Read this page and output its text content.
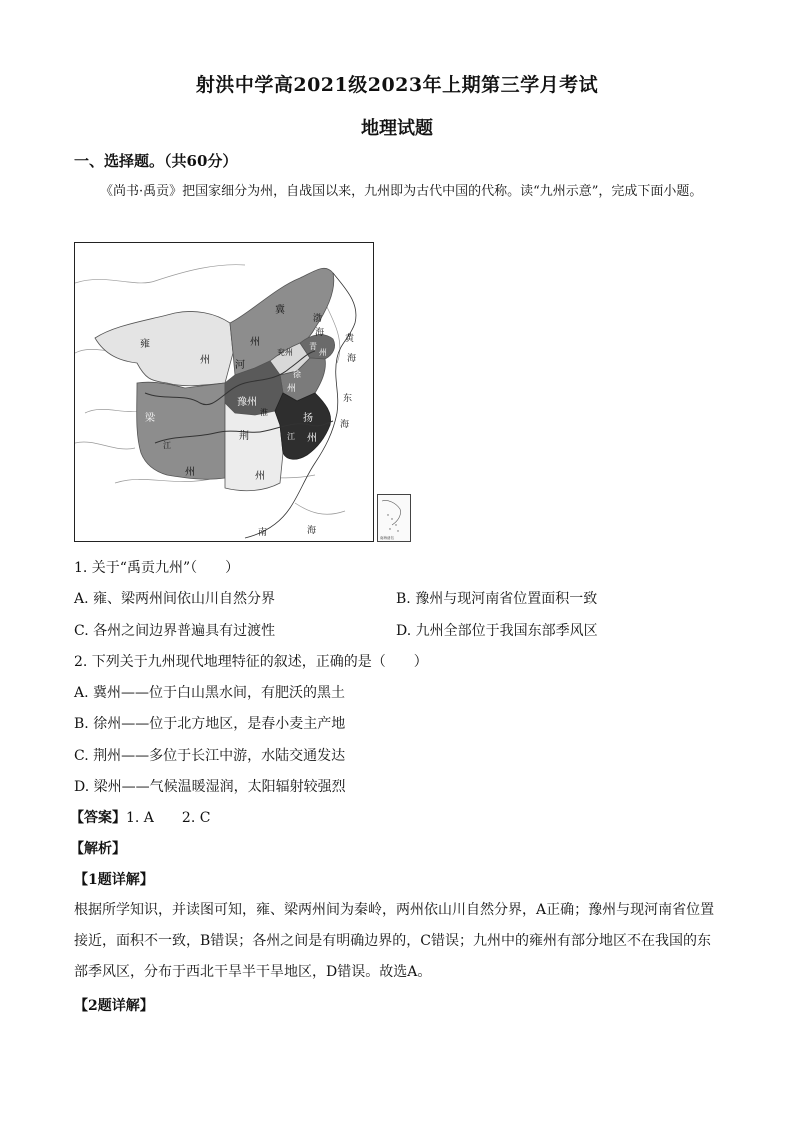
射洪中学高2021级2023年上期第三学月考试
地理试题
一、选择题。（共60分）
《尚书·禹贡》把国家细分为州，自战国以来，九州即为古代中国的代称。读“九州示意”，完成下面小题。
雍
州
冀
州
兖州
河
梁
州
江
豫州
淮
荆
州
徐
州
青
州
扬
州
江
渤
海
黄
海
东
海
南	海
南海诸岛
1. 关于“禹贡九州”（　　）
A. 雍、梁两州间依山川自然分界	B. 豫州与现河南省位置面积一致
C. 各州之间边界普遍具有过渡性	D. 九州全部位于我国东部季风区
2. 下列关于九州现代地理特征的叙述，正确的是（　　）
A. 冀州——位于白山黑水间，有肥沃的黑土
B. 徐州——位于北方地区，是春小麦主产地
C. 荆州——多位于长江中游，水陆交通发达
D. 梁州——气候温暖湿润，太阳辐射较强烈
【答案】1. A　　2. C
【解析】
【1题详解】
根据所学知识，并读图可知，雍、梁两州间为秦岭，两州依山川自然分界，A正确；豫州与现河南省位置接近，面积不一致，B错误；各州之间是有明确边界的，C错误；九州中的雍州有部分地区不在我国的东部季风区，分布于西北干旱半干旱地区，D错误。故选A。
【2题详解】
